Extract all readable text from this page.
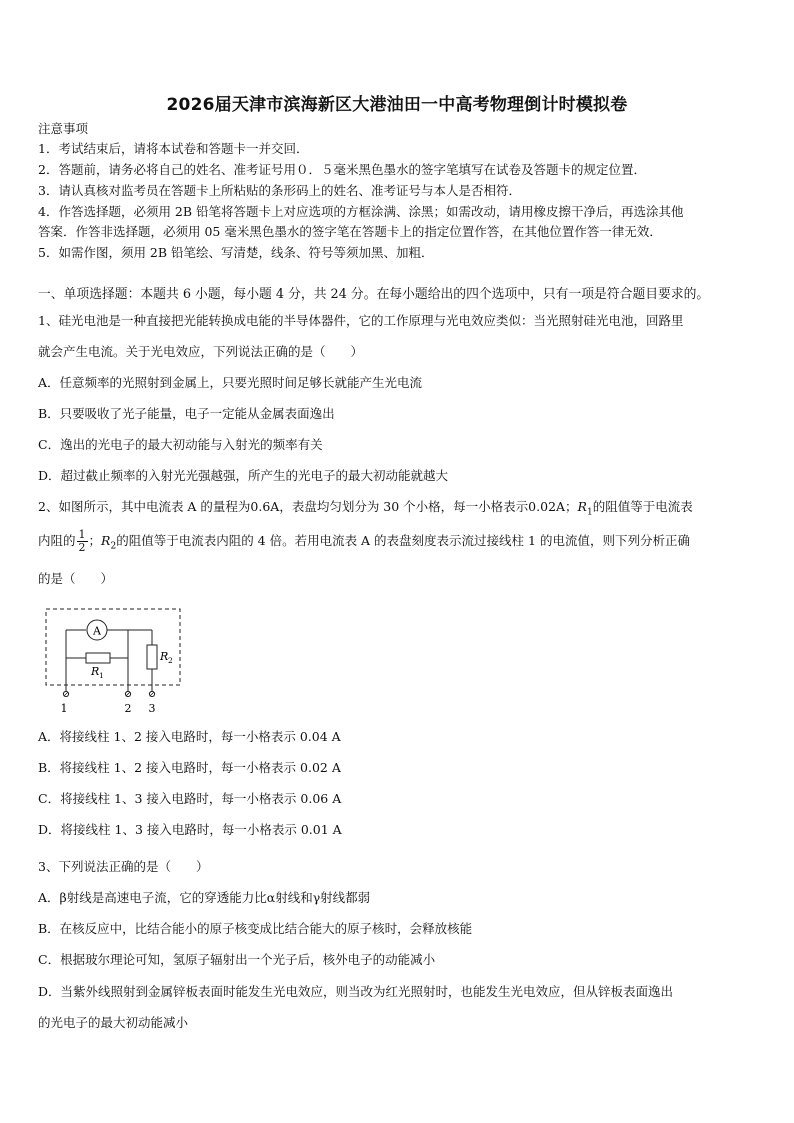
2026届天津市滨海新区大港油田一中高考物理倒计时模拟卷
注意事项
1．考试结束后，请将本试卷和答题卡一并交回．
2．答题前，请务必将自己的姓名、准考证号用０．５毫米黑色墨水的签字笔填写在试卷及答题卡的规定位置．
3．请认真核对监考员在答题卡上所粘贴的条形码上的姓名、准考证号与本人是否相符．
4．作答选择题，必须用 2B 铅笔将答题卡上对应选项的方框涂满、涂黑；如需改动，请用橡皮擦干净后，再选涂其他
答案．作答非选择题，必须用 05 毫米黑色墨水的签字笔在答题卡上的指定位置作答，在其他位置作答一律无效．
5．如需作图，须用 2B 铅笔绘、写清楚，线条、符号等须加黑、加粗．
一、单项选择题：本题共 6 小题，每小题 4 分，共 24 分。在每小题给出的四个选项中，只有一项是符合题目要求的。
1、硅光电池是一种直接把光能转换成电能的半导体器件，它的工作原理与光电效应类似：当光照射硅光电池，回路里
就会产生电流。关于光电效应，下列说法正确的是（　　）
A．任意频率的光照射到金属上，只要光照时间足够长就能产生光电流
B．只要吸收了光子能量，电子一定能从金属表面逸出
C．逸出的光电子的最大初动能与入射光的频率有关
D．超过截止频率的入射光光强越强，所产生的光电子的最大初动能就越大
2、如图所示，其中电流表 A 的量程为0.6A，表盘均匀划分为 30 个小格，每一小格表示0.02A；$R_1$的阻值等于电流表
内阻的 $\frac{1}{2}$ ；$R_2$的阻值等于电流表内阻的 4 倍。若用电流表 A 的表盘刻度表示流过接线柱 1 的电流值，则下列分析正确
的是（　　）
A
R 1
R 2
1	2 3
A．将接线柱 1、2 接入电路时，每一小格表示 0.04 A
B．将接线柱 1、2 接入电路时，每一小格表示 0.02 A
C．将接线柱 1、3 接入电路时，每一小格表示 0.06 A
D．将接线柱 1、3 接入电路时，每一小格表示 0.01 A
3、下列说法正确的是（　　）
A．β射线是高速电子流，它的穿透能力比α射线和γ射线都弱
B．在核反应中，比结合能小的原子核变成比结合能大的原子核时，会释放核能
C．根据玻尔理论可知，氢原子辐射出一个光子后，核外电子的动能减小
D．当紫外线照射到金属锌板表面时能发生光电效应，则当改为红光照射时，也能发生光电效应，但从锌板表面逸出
的光电子的最大初动能减小
